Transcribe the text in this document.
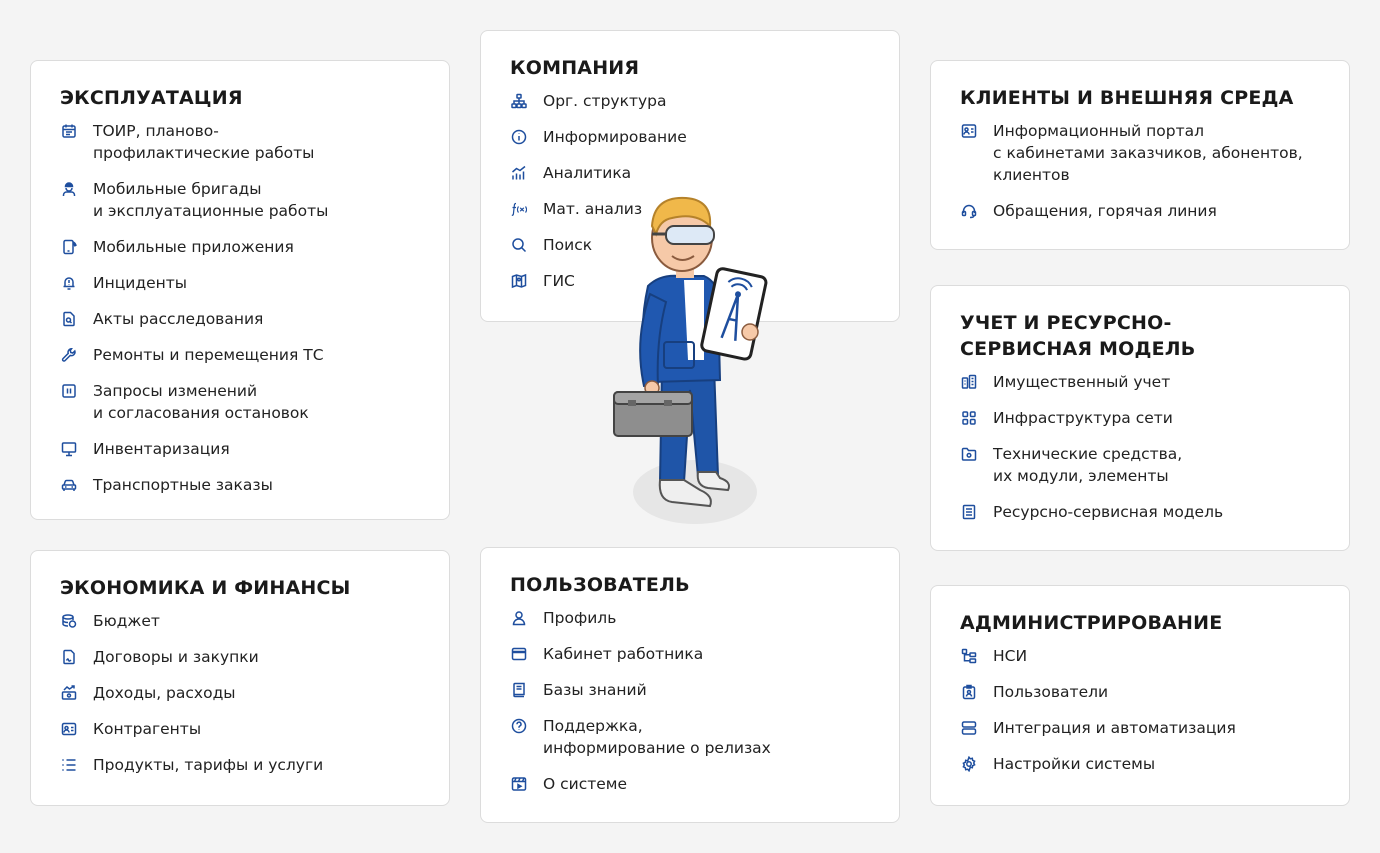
ЭКСПЛУАТАЦИЯ
ТОИР, планово-
профилактические работы
Мобильные бригады
и эксплуатационные работы
Мобильные приложения
Инциденты
Акты расследования
Ремонты и перемещения ТС
Запросы изменений
и согласования остановок
Инвентаризация
Транспортные заказы
КОМПАНИЯ
Орг. структура
Информирование
Аналитика
Мат. анализ
Поиск
ГИС
КЛИЕНТЫ И ВНЕШНЯЯ СРЕДА
Информационный портал
с кабинетами заказчиков, абонентов,
клиентов
Обращения, горячая линия
УЧЕТ И РЕСУРСНО-
СЕРВИСНАЯ МОДЕЛЬ
Имущественный учет
Инфраструктура сети
Технические средства,
их модули, элементы
Ресурсно-сервисная модель
ЭКОНОМИКА И ФИНАНСЫ
Бюджет
Договоры и закупки
Доходы, расходы
Контрагенты
Продукты, тарифы и услуги
ПОЛЬЗОВАТЕЛЬ
Профиль
Кабинет работника
Базы знаний
Поддержка,
информирование о релизах
О системе
АДМИНИСТРИРОВАНИЕ
НСИ
Пользователи
Интеграция и автоматизация
Настройки системы
